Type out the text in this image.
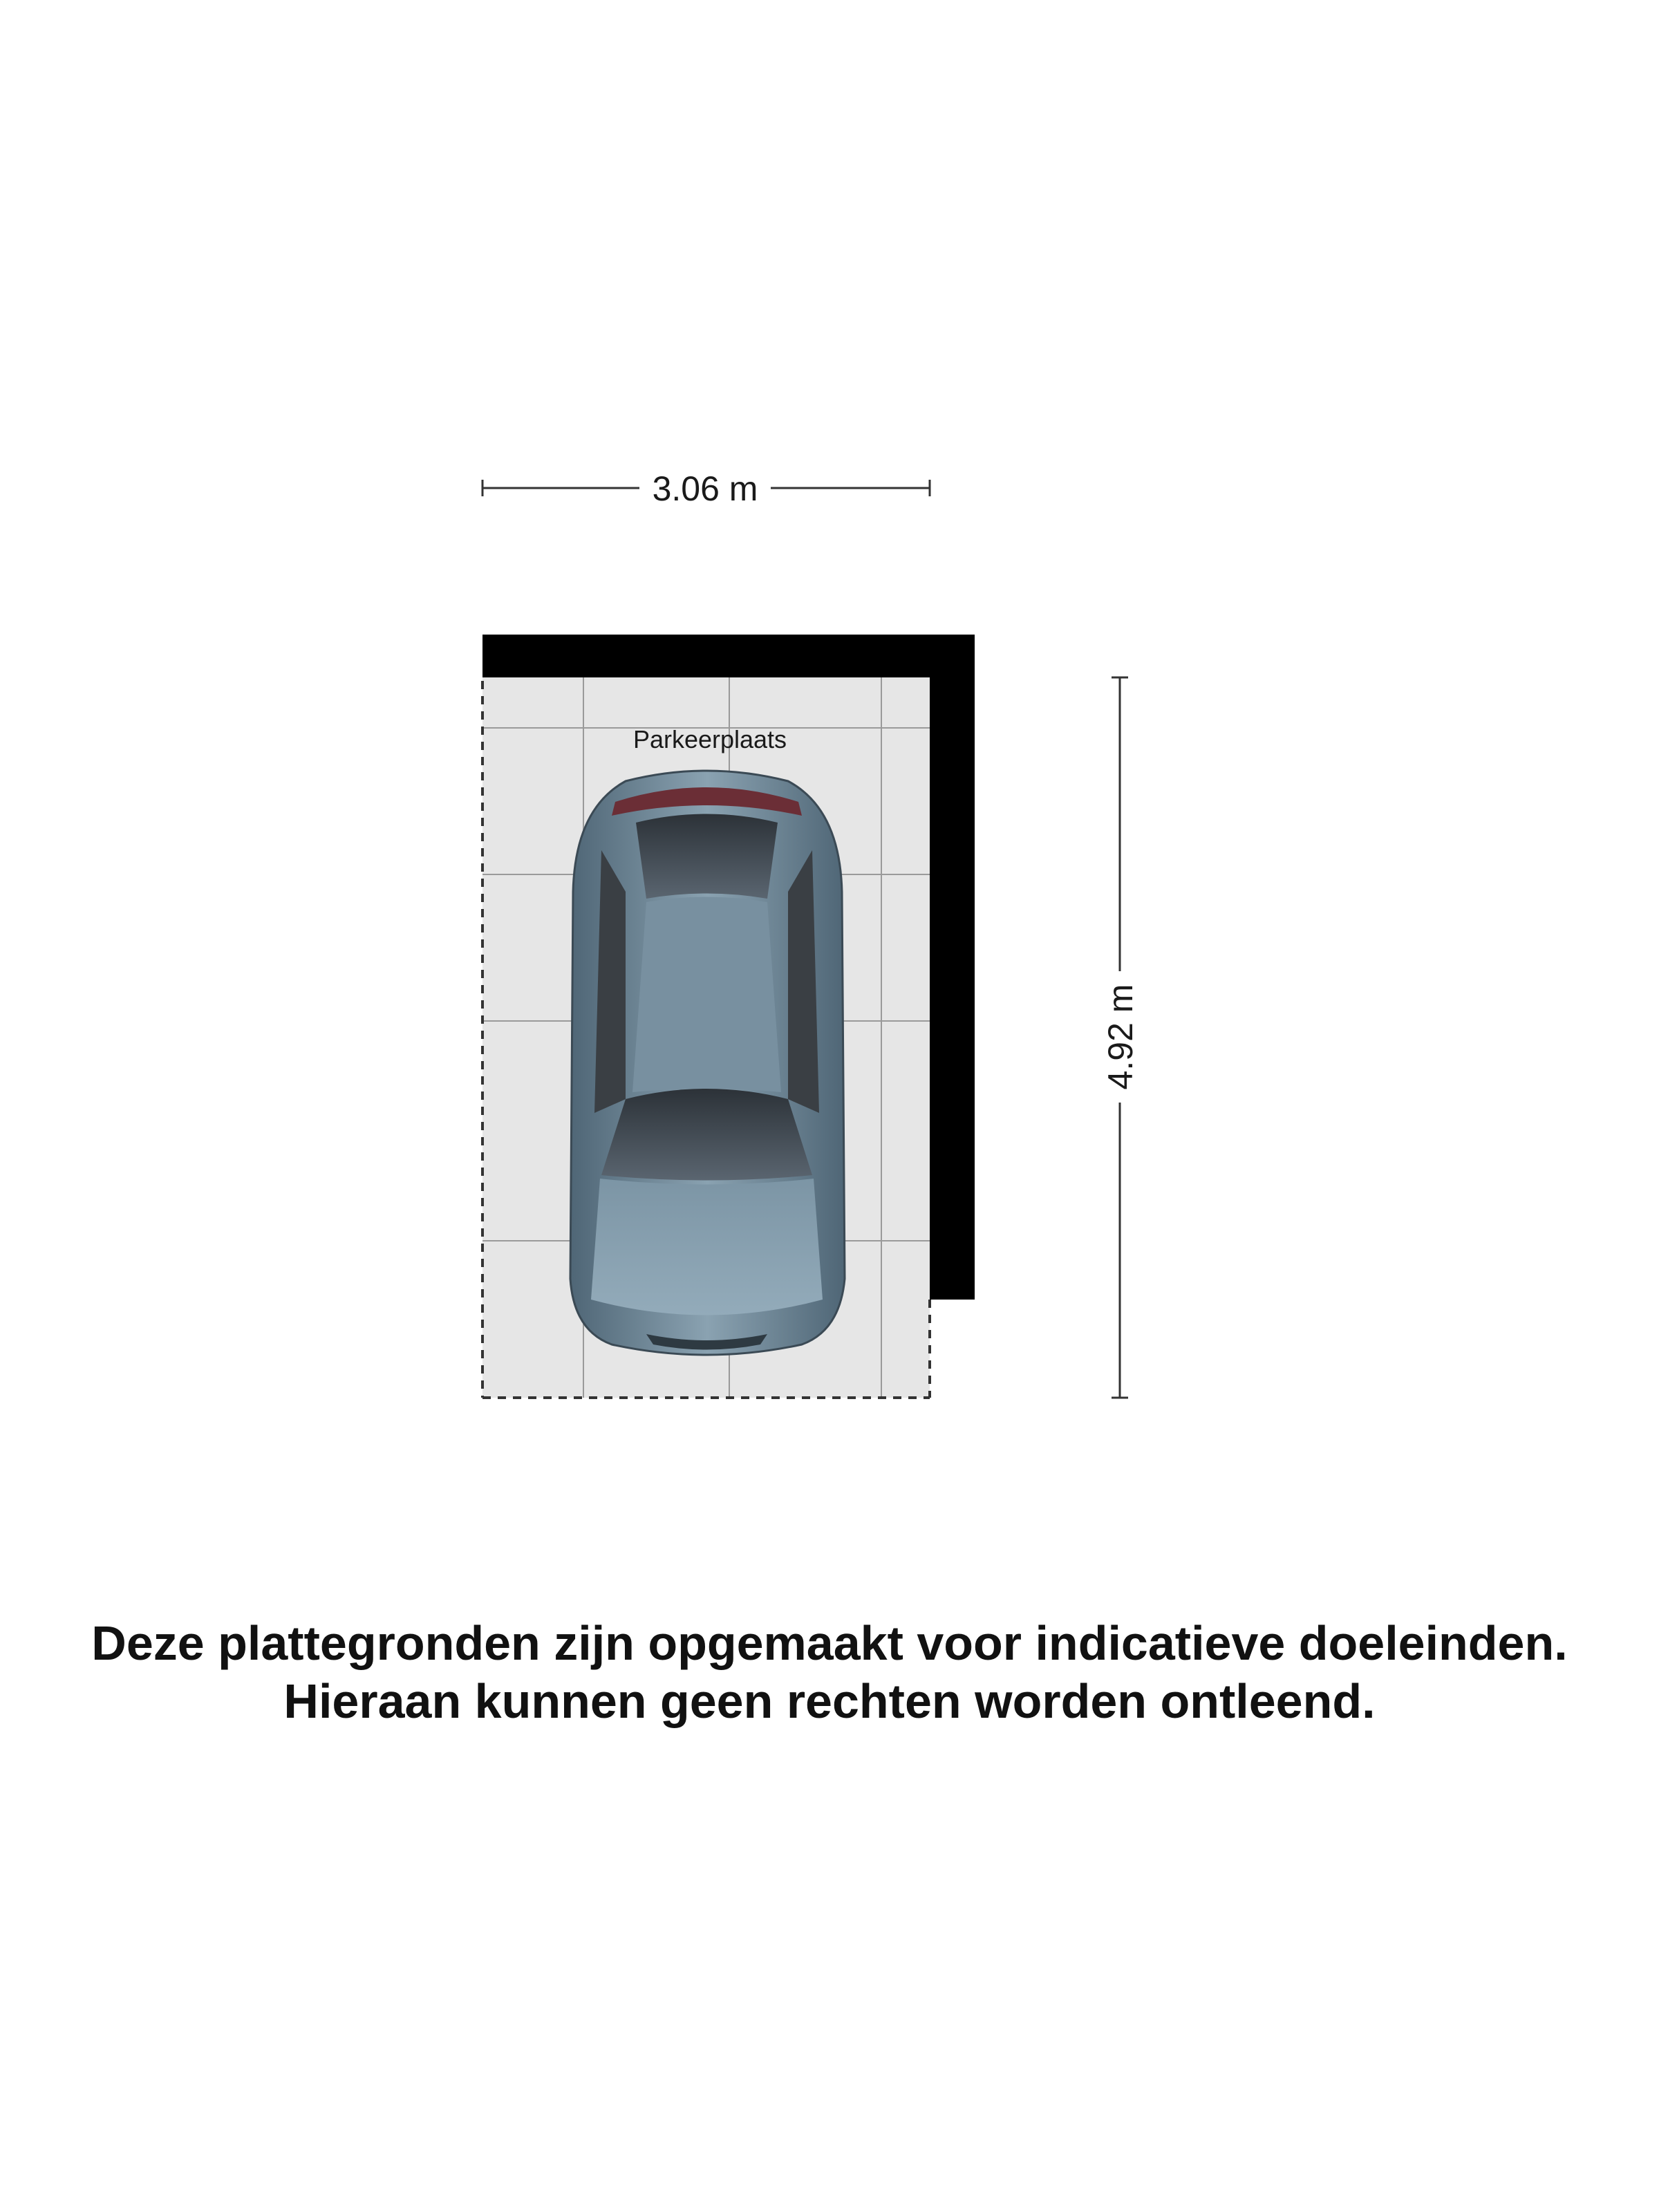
3.06 m
Parkeerplaats
4.92 m
Deze plattegronden zijn opgemaakt voor indicatieve doeleinden.
Hieraan kunnen geen rechten worden ontleend.
